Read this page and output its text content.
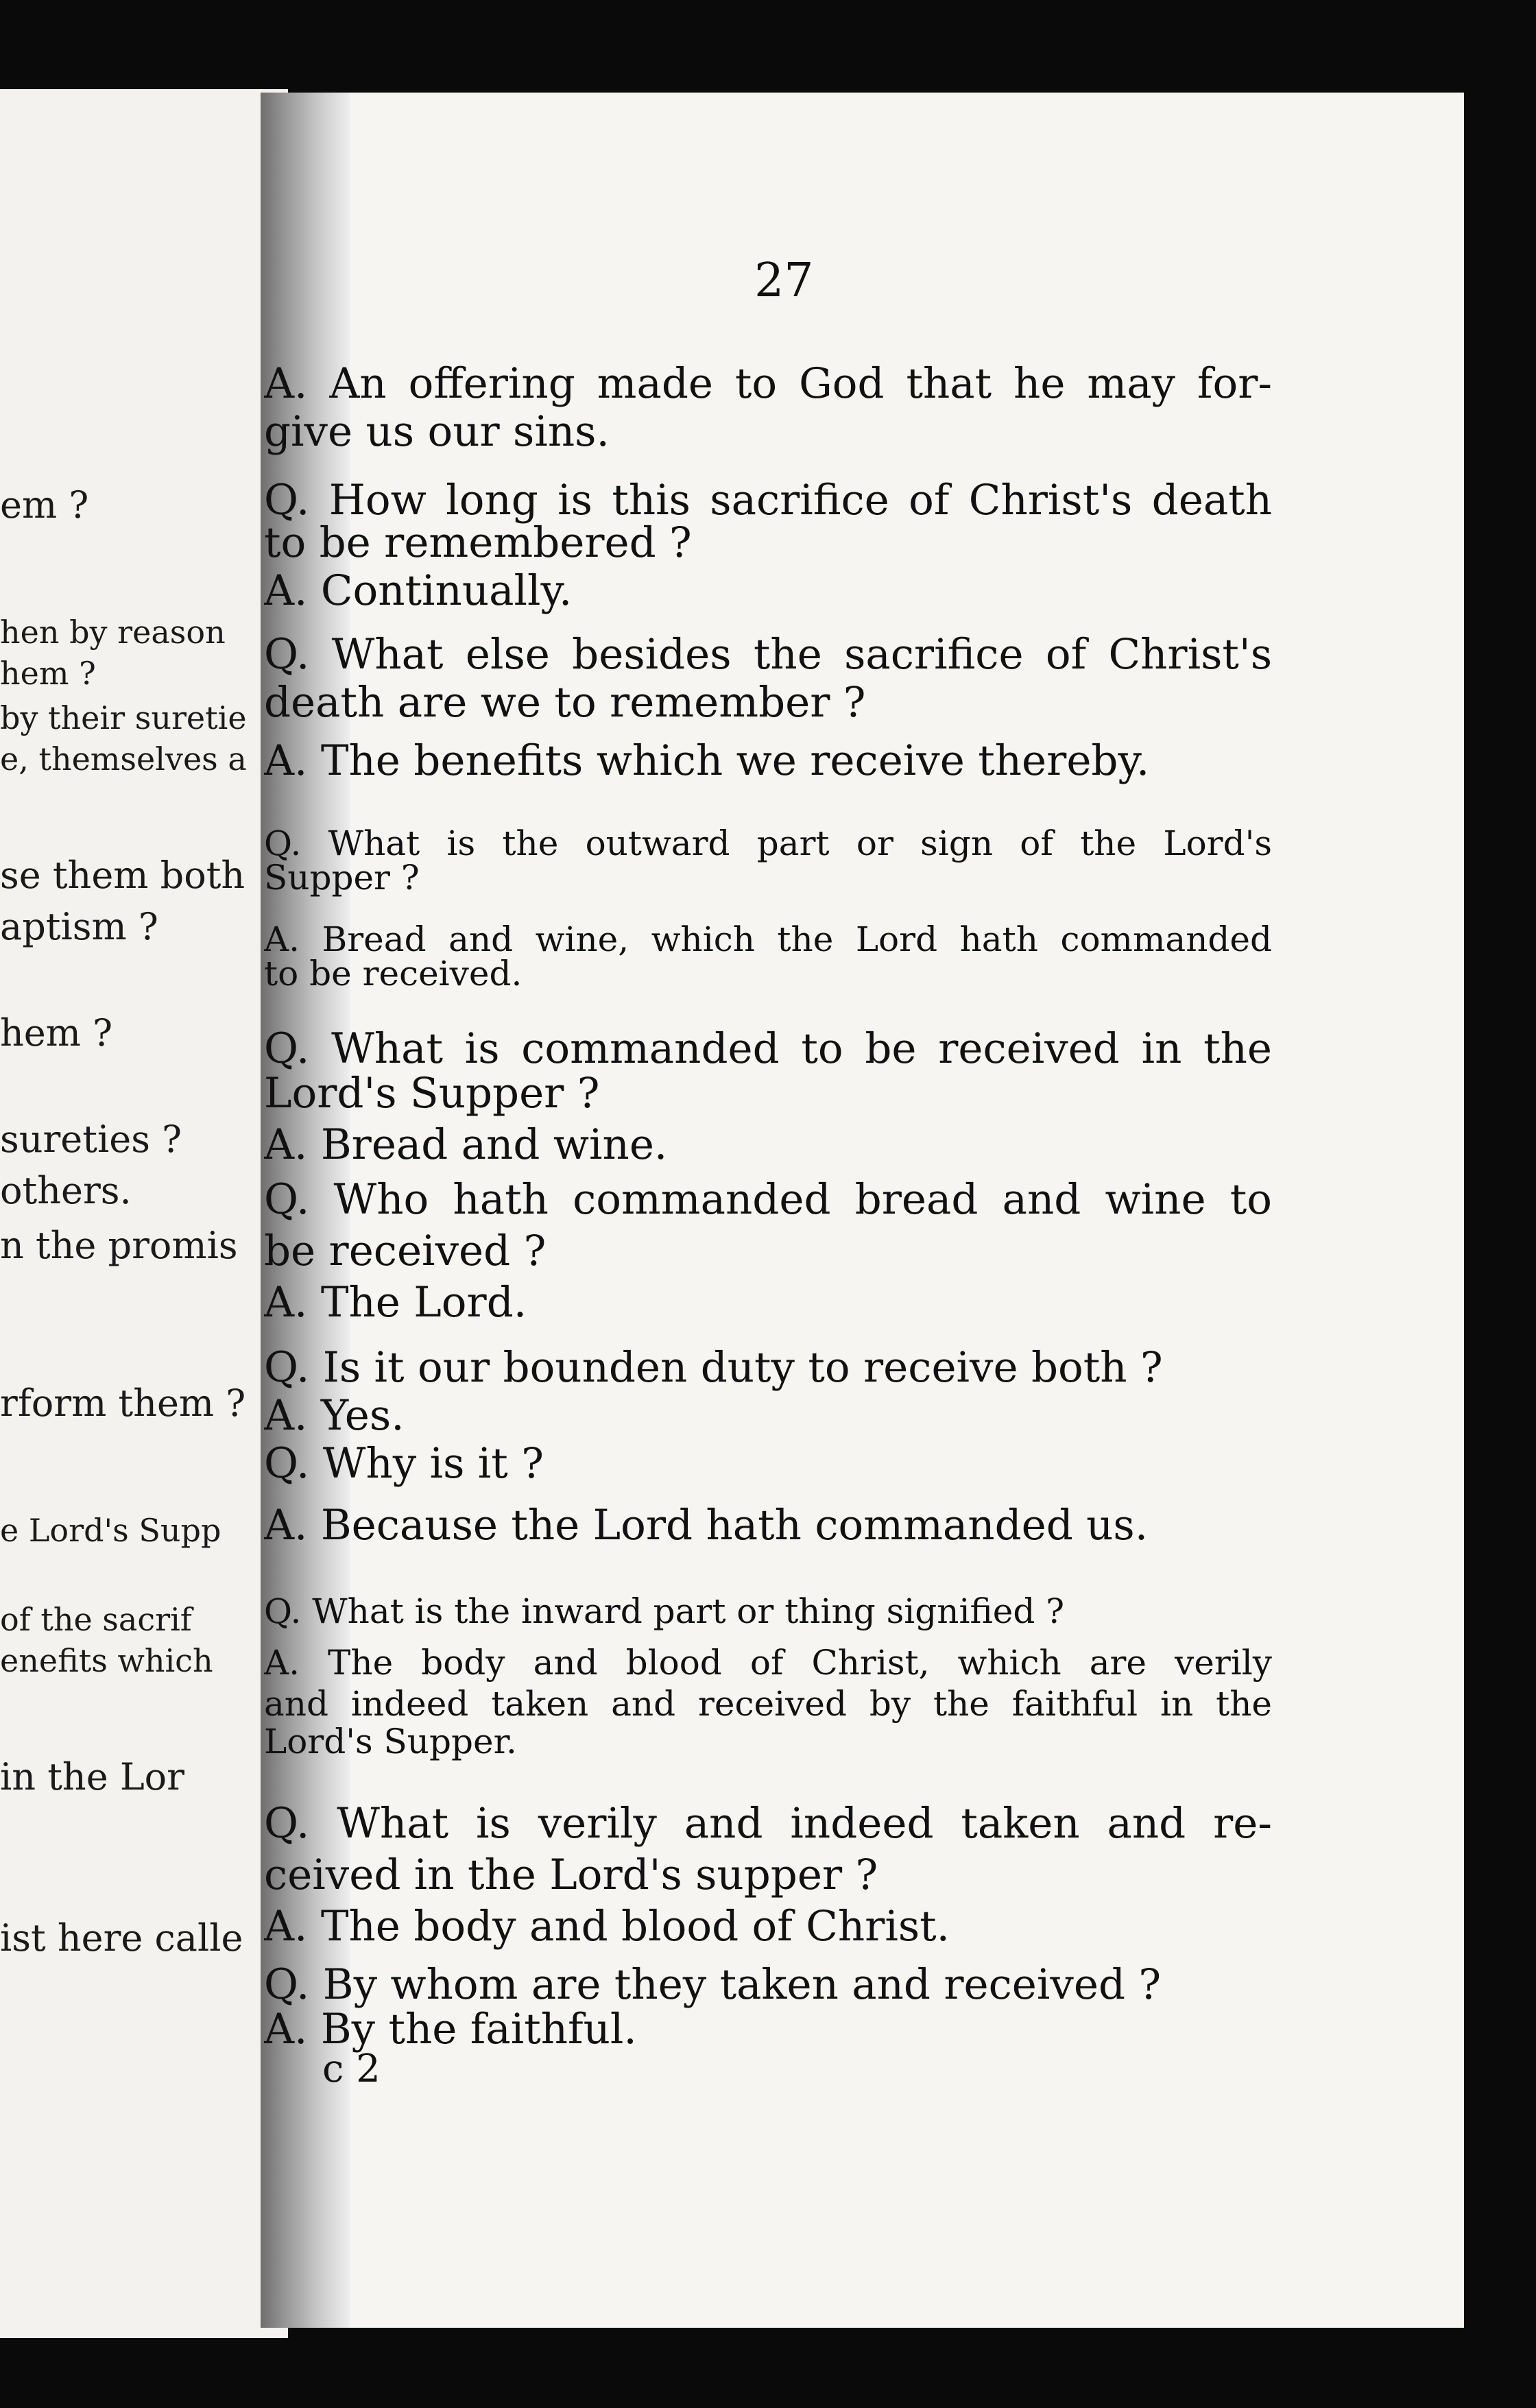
em ?
hen by reason
hem ?
by their suretie
e, themselves a
se them both
aptism ?
hem ?
sureties ?
others.
n the promis
rform them ?
e Lord's Supp
of the sacrif
enefits which
in the Lor
ist here calle
27
A. An offering made to God that he may for-
give us our sins.
Q. How long is this sacrifice of Christ's death
to be remembered ?
A. Continually.
Q. What else besides the sacrifice of Christ's
death are we to remember ?
A. The benefits which we receive thereby.
Q. What is the outward part or sign of the Lord's
Supper ?
A. Bread and wine, which the Lord hath commanded
to be received.
Q. What is commanded to be received in the
Lord's Supper ?
A. Bread and wine.
Q. Who hath commanded bread and wine to
be received ?
A. The Lord.
Q. Is it our bounden duty to receive both ?
A. Yes.
Q. Why is it ?
A. Because the Lord hath commanded us.
Q. What is the inward part or thing signified ?
A. The body and blood of Christ, which are verily
and indeed taken and received by the faithful in the
Lord's Supper.
Q. What is verily and indeed taken and re-
ceived in the Lord's supper ?
A. The body and blood of Christ.
Q. By whom are they taken and received ?
A. By the faithful.
c 2
